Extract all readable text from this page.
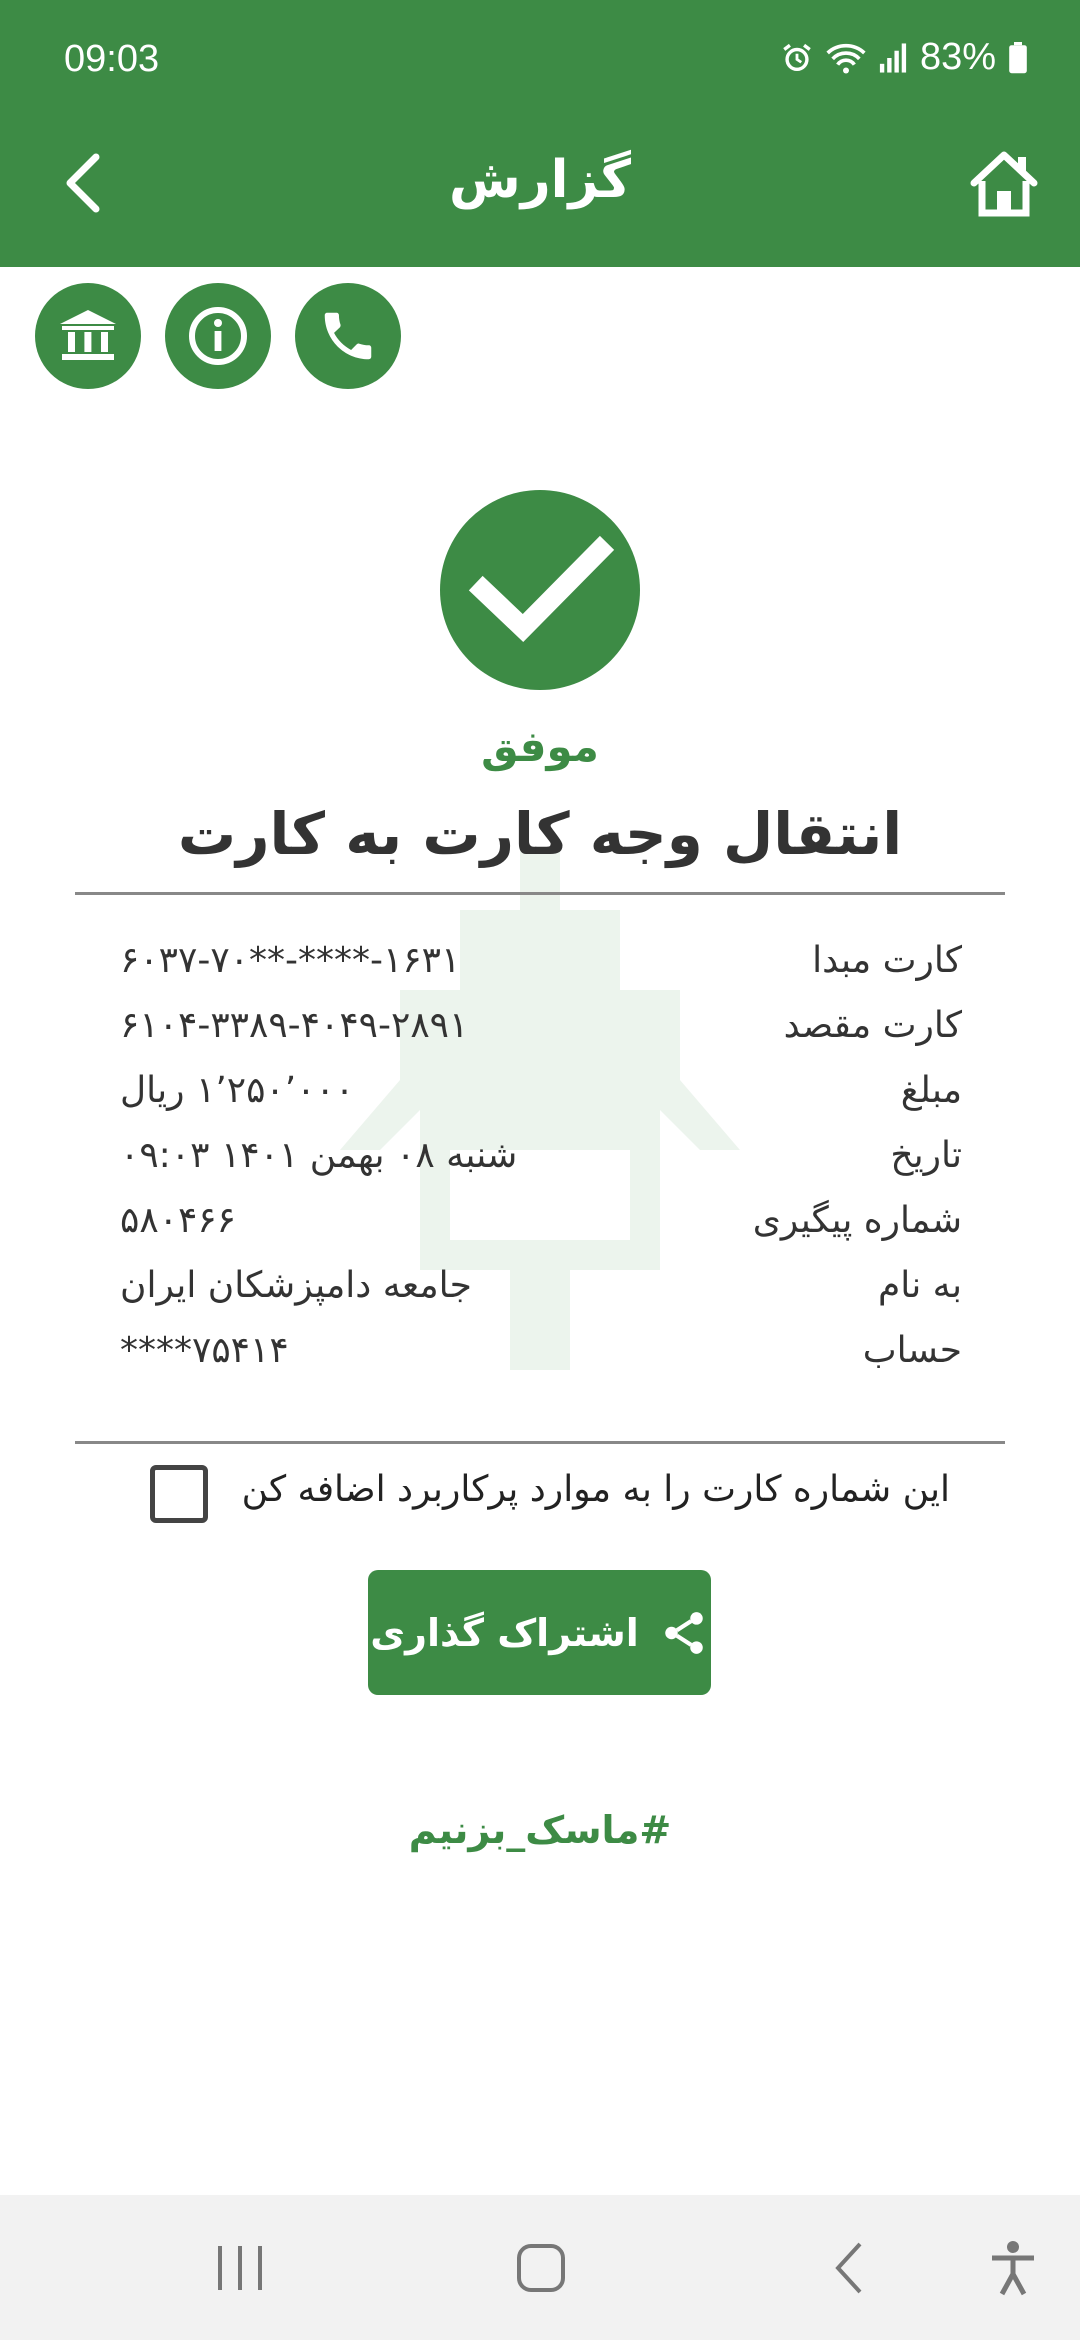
09:03	83%
گزارش
موفق
انتقال وجه کارت به کارت
کارت مبدا
۶۰۳۷-۷۰**-****-۱۶۳۱
کارت مقصد
۶۱۰۴-۳۳۸۹-۴۰۴۹-۲۸۹۱
مبلغ
۱٬۲۵۰٬۰۰۰ ریال
تاریخ
شنبه ۰۸ بهمن ۱۴۰۱ ۰۹:۰۳
شماره پیگیری
۵۸۰۴۶۶
به نام
جامعه دامپزشکان ایران
حساب
****۷۵۴۱۴
این شماره کارت را به موارد پرکاربرد اضافه کن
اشتراک گذاری
#ماسک_بزنیم
